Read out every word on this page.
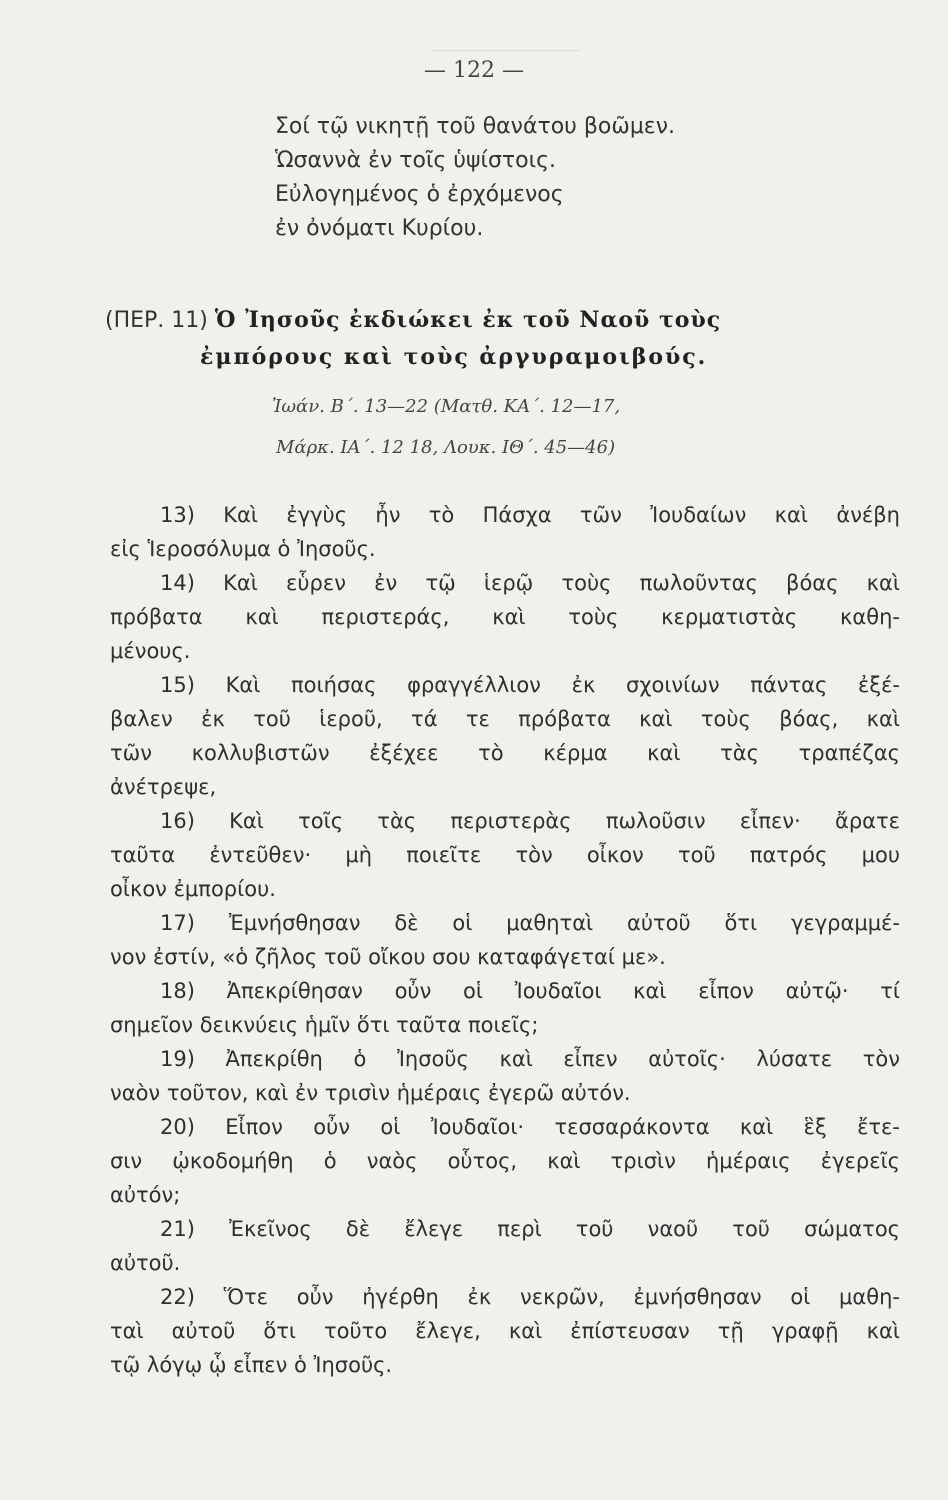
— 122 —
Σοί τῷ νικητῇ τοῦ θανάτου βοῶμεν.
Ὡσαννὰ ἐν τοῖς ὑψίστοις.
Εὐλογημένος ὁ ἐρχόμενος
ἐν ὀνόματι Κυρίου.
(ΠΕΡ. 11) Ὁ Ἰησοῦς ἐκδιώκει ἐκ τοῦ Ναοῦ τοὺς
ἐμπόρους καὶ τοὺς ἀργυραμοιβούς.
Ἰωάν. Β΄. 13—22 (Ματθ. ΚΑ΄. 12—17,
Μάρκ. ΙΑ΄. 12 18, Λουκ. ΙΘ΄. 45—46)
13) Καὶ ἐγγὺς ἦν τὸ Πάσχα τῶν Ἰουδαίων καὶ ἀνέβη
εἰς Ἱεροσόλυμα ὁ Ἰησοῦς.
14) Καὶ εὗρεν ἐν τῷ ἱερῷ τοὺς πωλοῦντας βόας καὶ
πρόβατα καὶ περιστεράς, καὶ τοὺς κερματιστὰς καθη-
μένους.
15) Καὶ ποιήσας φραγγέλλιον ἐκ σχοινίων πάντας ἐξέ-
βαλεν ἐκ τοῦ ἱεροῦ, τά τε πρόβατα καὶ τοὺς βόας, καὶ
τῶν κολλυβιστῶν ἐξέχεε τὸ κέρμα καὶ τὰς τραπέζας
ἀνέτρεψε,
16) Καὶ τοῖς τὰς περιστερὰς πωλοῦσιν εἶπεν· ἄρατε
ταῦτα ἐντεῦθεν· μὴ ποιεῖτε τὸν οἶκον τοῦ πατρός μου
οἶκον ἐμπορίου.
17) Ἐμνήσθησαν δὲ οἱ μαθηταὶ αὐτοῦ ὅτι γεγραμμέ-
νον ἐστίν, «ὁ ζῆλος τοῦ οἴκου σου καταφάγεταί με».
18) Ἀπεκρίθησαν οὖν οἱ Ἰουδαῖοι καὶ εἶπον αὐτῷ· τί
σημεῖον δεικνύεις ἡμῖν ὅτι ταῦτα ποιεῖς;
19) Ἀπεκρίθη ὁ Ἰησοῦς καὶ εἶπεν αὐτοῖς· λύσατε τὸν
ναὸν τοῦτον, καὶ ἐν τρισὶν ἡμέραις ἐγερῶ αὐτόν.
20) Εἶπον οὖν οἱ Ἰουδαῖοι· τεσσαράκοντα καὶ ἓξ ἔτε-
σιν ᾠκοδομήθη ὁ ναὸς οὗτος, καὶ τρισὶν ἡμέραις ἐγερεῖς
αὐτόν;
21) Ἐκεῖνος δὲ ἔλεγε περὶ τοῦ ναοῦ τοῦ σώματος
αὐτοῦ.
22) Ὅτε οὖν ἠγέρθη ἐκ νεκρῶν, ἐμνήσθησαν οἱ μαθη-
ταὶ αὐτοῦ ὅτι τοῦτο ἔλεγε, καὶ ἐπίστευσαν τῇ γραφῇ καὶ
τῷ λόγῳ ᾧ εἶπεν ὁ Ἰησοῦς.
